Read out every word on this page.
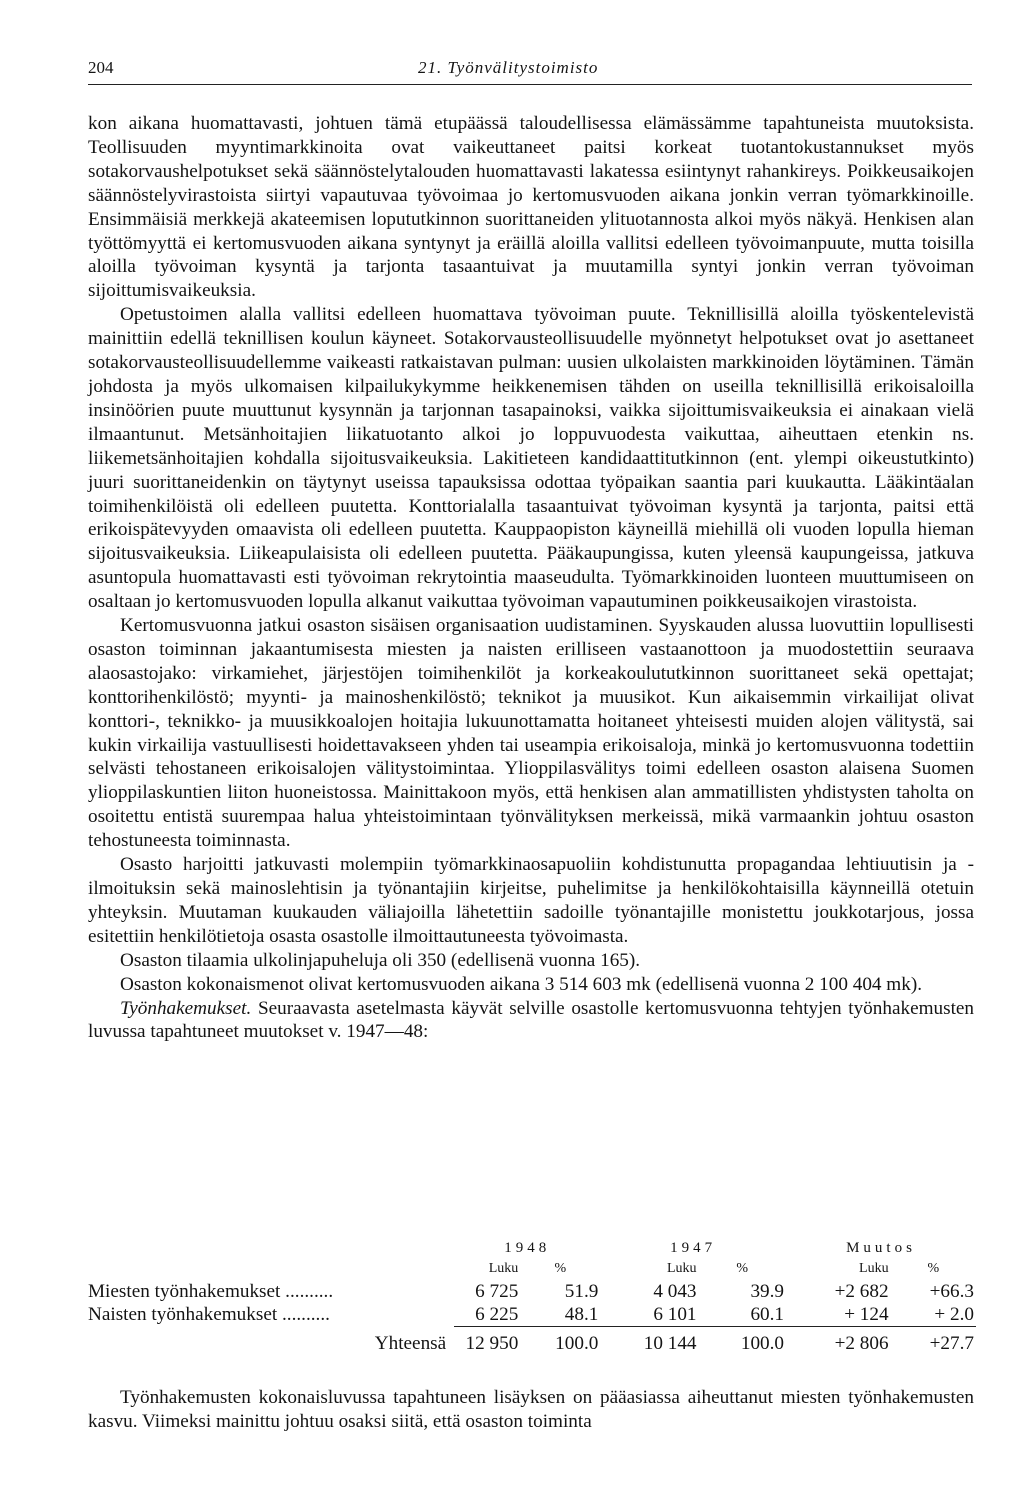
204	21. Työnvälitystoimisto

kon aikana huomattavasti, johtuen tämä etupäässä taloudellisessa elämässämme tapahtuneista muutoksista. Teollisuuden myyntimarkkinoita ovat vaikeuttaneet paitsi korkeat tuotantokustannukset myös sotakorvaushelpotukset sekä säännöstelytalouden huomattavasti lakatessa esiintynyt rahankireys. Poikkeusaikojen säännöstelyvirastoista siirtyi vapautuvaa työvoimaa jo kertomusvuoden aikana jonkin verran työmarkkinoille. Ensimmäisiä merkkejä akateemisen lopututkinnon suorittaneiden ylituotannosta alkoi myös näkyä. Henkisen alan työttömyyttä ei kertomusvuoden aikana syntynyt ja eräillä aloilla vallitsi edelleen työvoimanpuute, mutta toisilla aloilla työvoiman kysyntä ja tarjonta tasaantuivat ja muutamilla syntyi jonkin verran työvoiman sijoittumisvaikeuksia.

Opetustoimen alalla vallitsi edelleen huomattava työvoiman puute. Teknillisillä aloilla työskentelevistä mainittiin edellä teknillisen koulun käyneet. Sotakorvausteollisuudelle myönnetyt helpotukset ovat jo asettaneet sotakorvausteollisuudellemme vaikeasti ratkaistavan pulman: uusien ulkolaisten markkinoiden löytäminen. Tämän johdosta ja myös ulkomaisen kilpailukykymme heikkenemisen tähden on useilla teknillisillä erikoisaloilla insinöörien puute muuttunut kysynnän ja tarjonnan tasapainoksi, vaikka sijoittumisvaikeuksia ei ainakaan vielä ilmaantunut. Metsänhoitajien liikatuotanto alkoi jo loppuvuodesta vaikuttaa, aiheuttaen etenkin ns. liikemetsänhoitajien kohdalla sijoitusvaikeuksia. Lakitieteen kandidaattitutkinnon (ent. ylempi oikeustutkinto) juuri suorittaneidenkin on täytynyt useissa tapauksissa odottaa työpaikan saantia pari kuukautta. Lääkintäalan toimihenkilöistä oli edelleen puutetta. Konttorialalla tasaantuivat työvoiman kysyntä ja tarjonta, paitsi että erikoispätevyyden omaavista oli edelleen puutetta. Kauppaopiston käyneillä miehillä oli vuoden lopulla hieman sijoitusvaikeuksia. Liikeapulaisista oli edelleen puutetta. Pääkaupungissa, kuten yleensä kaupungeissa, jatkuva asuntopula huomattavasti esti työvoiman rekrytointia maaseudulta. Työmarkkinoiden luonteen muuttumiseen on osaltaan jo kertomusvuoden lopulla alkanut vaikuttaa työvoiman vapautuminen poikkeusaikojen virastoista.

Kertomusvuonna jatkui osaston sisäisen organisaation uudistaminen. Syyskauden alussa luovuttiin lopullisesti osaston toiminnan jakaantumisesta miesten ja naisten erilliseen vastaanottoon ja muodostettiin seuraava alaosastojako: virkamiehet, järjestöjen toimihenkilöt ja korkeakoulututkinnon suorittaneet sekä opettajat; konttorihenkilöstö; myynti- ja mainoshenkilöstö; teknikot ja muusikot. Kun aikaisemmin virkailijat olivat konttori-, teknikko- ja muusikkoalojen hoitajia lukuunottamatta hoitaneet yhteisesti muiden alojen välitystä, sai kukin virkailija vastuullisesti hoidettavakseen yhden tai useampia erikoisaloja, minkä jo kertomusvuonna todettiin selvästi tehostaneen erikoisalojen välitystoimintaa. Ylioppilasvälitys toimi edelleen osaston alaisena Suomen ylioppilaskuntien liiton huoneistossa. Mainittakoon myös, että henkisen alan ammatillisten yhdistysten taholta on osoitettu entistä suurempaa halua yhteistoimintaan työnvälityksen merkeissä, mikä varmaankin johtuu osaston tehostuneesta toiminnasta.

Osasto harjoitti jatkuvasti molempiin työmarkkinaosapuoliin kohdistunutta propagandaa lehtiuutisin ja -ilmoituksin sekä mainoslehtisin ja työnantajiin kirjeitse, puhelimitse ja henkilökohtaisilla käynneillä otetuin yhteyksin. Muutaman kuukauden väliajoilla lähetettiin sadoille työnantajille monistettu joukkotarjous, jossa esitettiin henkilötietoja osasta osastolle ilmoittautuneesta työvoimasta.

Osaston tilaamia ulkolinjapuheluja oli 350 (edellisenä vuonna 165).

Osaston kokonaismenot olivat kertomusvuoden aikana 3 514 603 mk (edellisenä vuonna 2 100 404 mk).

Työnhakemukset. Seuraavasta asetelmasta käyvät selville osastolle kertomusvuonna tehtyjen työnhakemusten luvussa tapahtuneet muutokset v. 1947—48:

	1948		1947		Muutos	
	Luku	%	Luku	%	Luku	%
Miesten työnhakemukset ..........	6 725	51.9	4 043	39.9	+2 682	+66.3
Naisten työnhakemukset ..........	6 225	48.1	6 101	60.1	+ 124	+ 2.0

Yhteensä	12 950	100.0	10 144	100.0	+2 806	+27.7

Työnhakemusten kokonaisluvussa tapahtuneen lisäyksen on pääasiassa aiheuttanut miesten työnhakemusten kasvu. Viimeksi mainittu johtuu osaksi siitä, että osaston toiminta
